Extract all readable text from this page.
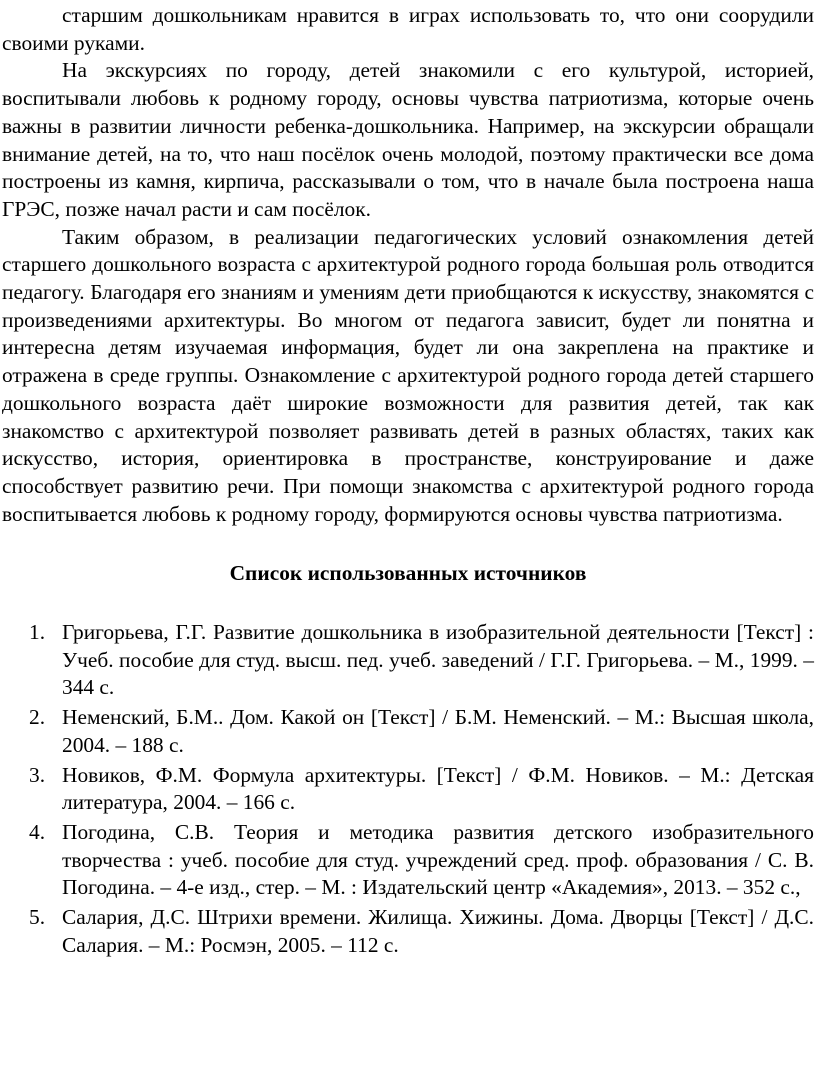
старшим дошкольникам нравится в играх использовать то, что они соорудили своими руками.

На экскурсиях по городу, детей знакомили с его культурой, историей, воспитывали любовь к родному городу, основы чувства патриотизма, которые очень важны в развитии личности ребенка-дошкольника. Например, на экскурсии обращали внимание детей, на то, что наш посёлок очень молодой, поэтому практически все дома построены из камня, кирпича, рассказывали о том, что в начале была построена наша ГРЭС, позже начал расти и сам посёлок.

Таким образом, в реализации педагогических условий ознакомления детей старшего дошкольного возраста с архитектурой родного города большая роль отводится педагогу. Благодаря его знаниям и умениям дети приобщаются к искусству, знакомятся с произведениями архитектуры. Во многом от педагога зависит, будет ли понятна и интересна детям изучаемая информация, будет ли она закреплена на практике и отражена в среде группы. Ознакомление с архитектурой родного города детей старшего дошкольного возраста даёт широкие возможности для развития детей, так как знакомство с архитектурой позволяет развивать детей в разных областях, таких как искусство, история, ориентировка в пространстве, конструирование и даже способствует развитию речи. При помощи знакомства с архитектурой родного города воспитывается любовь к родному городу, формируются основы чувства патриотизма.

Список использованных источников
1. Григорьева, Г.Г. Развитие дошкольника в изобразительной деятельности [Текст] : Учеб. пособие для студ. высш. пед. учеб. заведений / Г.Г. Григорьева. – М., 1999. – 344 с.
2. Неменский, Б.М.. Дом. Какой он [Текст] / Б.М. Неменский. – М.: Высшая школа, 2004. – 188 с.
3. Новиков, Ф.М. Формула архитектуры. [Текст] / Ф.М. Новиков. – М.: Детская литература, 2004. – 166 с.
4. Погодина, С.В. Теория и методика развития детского изобразительного творчества : учеб. пособие для студ. учреждений сред. проф. образования / С. В. Погодина. – 4-е изд., стер. – М. : Издательский центр «Академия», 2013. – 352 с.,
5. Салария, Д.С. Штрихи времени. Жилища. Хижины. Дома. Дворцы [Текст] / Д.С. Салария. – М.: Росмэн, 2005. – 112 с.
